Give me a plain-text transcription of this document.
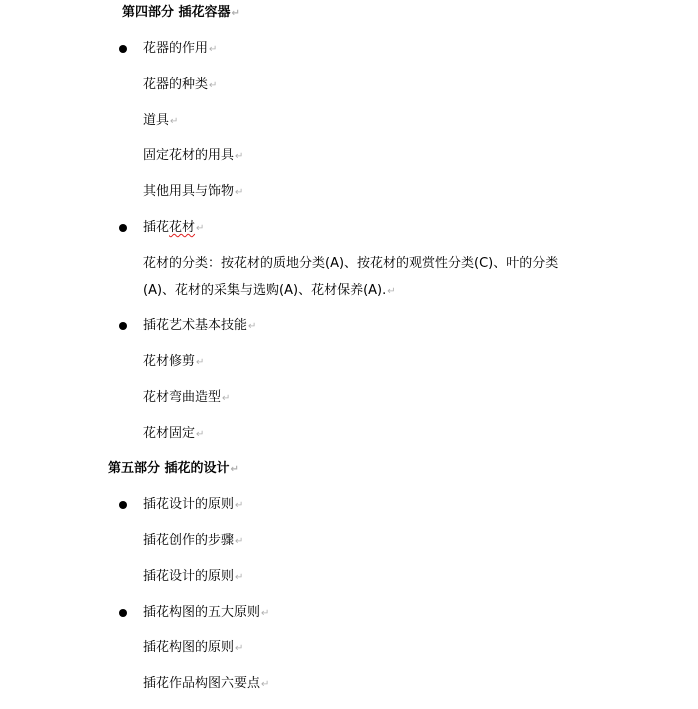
第四部分 插花容器↵
花器的作用↵
花器的种类↵
道具↵
固定花材的用具↵
其他用具与饰物↵
插花花材↵
花材的分类：按花材的质地分类(A)、按花材的观赏性分类(C)、叶的分类
(A)、花材的采集与选购(A)、花材保养(A).↵
插花艺术基本技能↵
花材修剪↵
花材弯曲造型↵
花材固定↵
第五部分 插花的设计↵
插花设计的原则↵
插花创作的步骤↵
插花设计的原则↵
插花构图的五大原则↵
插花构图的原则↵
插花作品构图六要点↵
